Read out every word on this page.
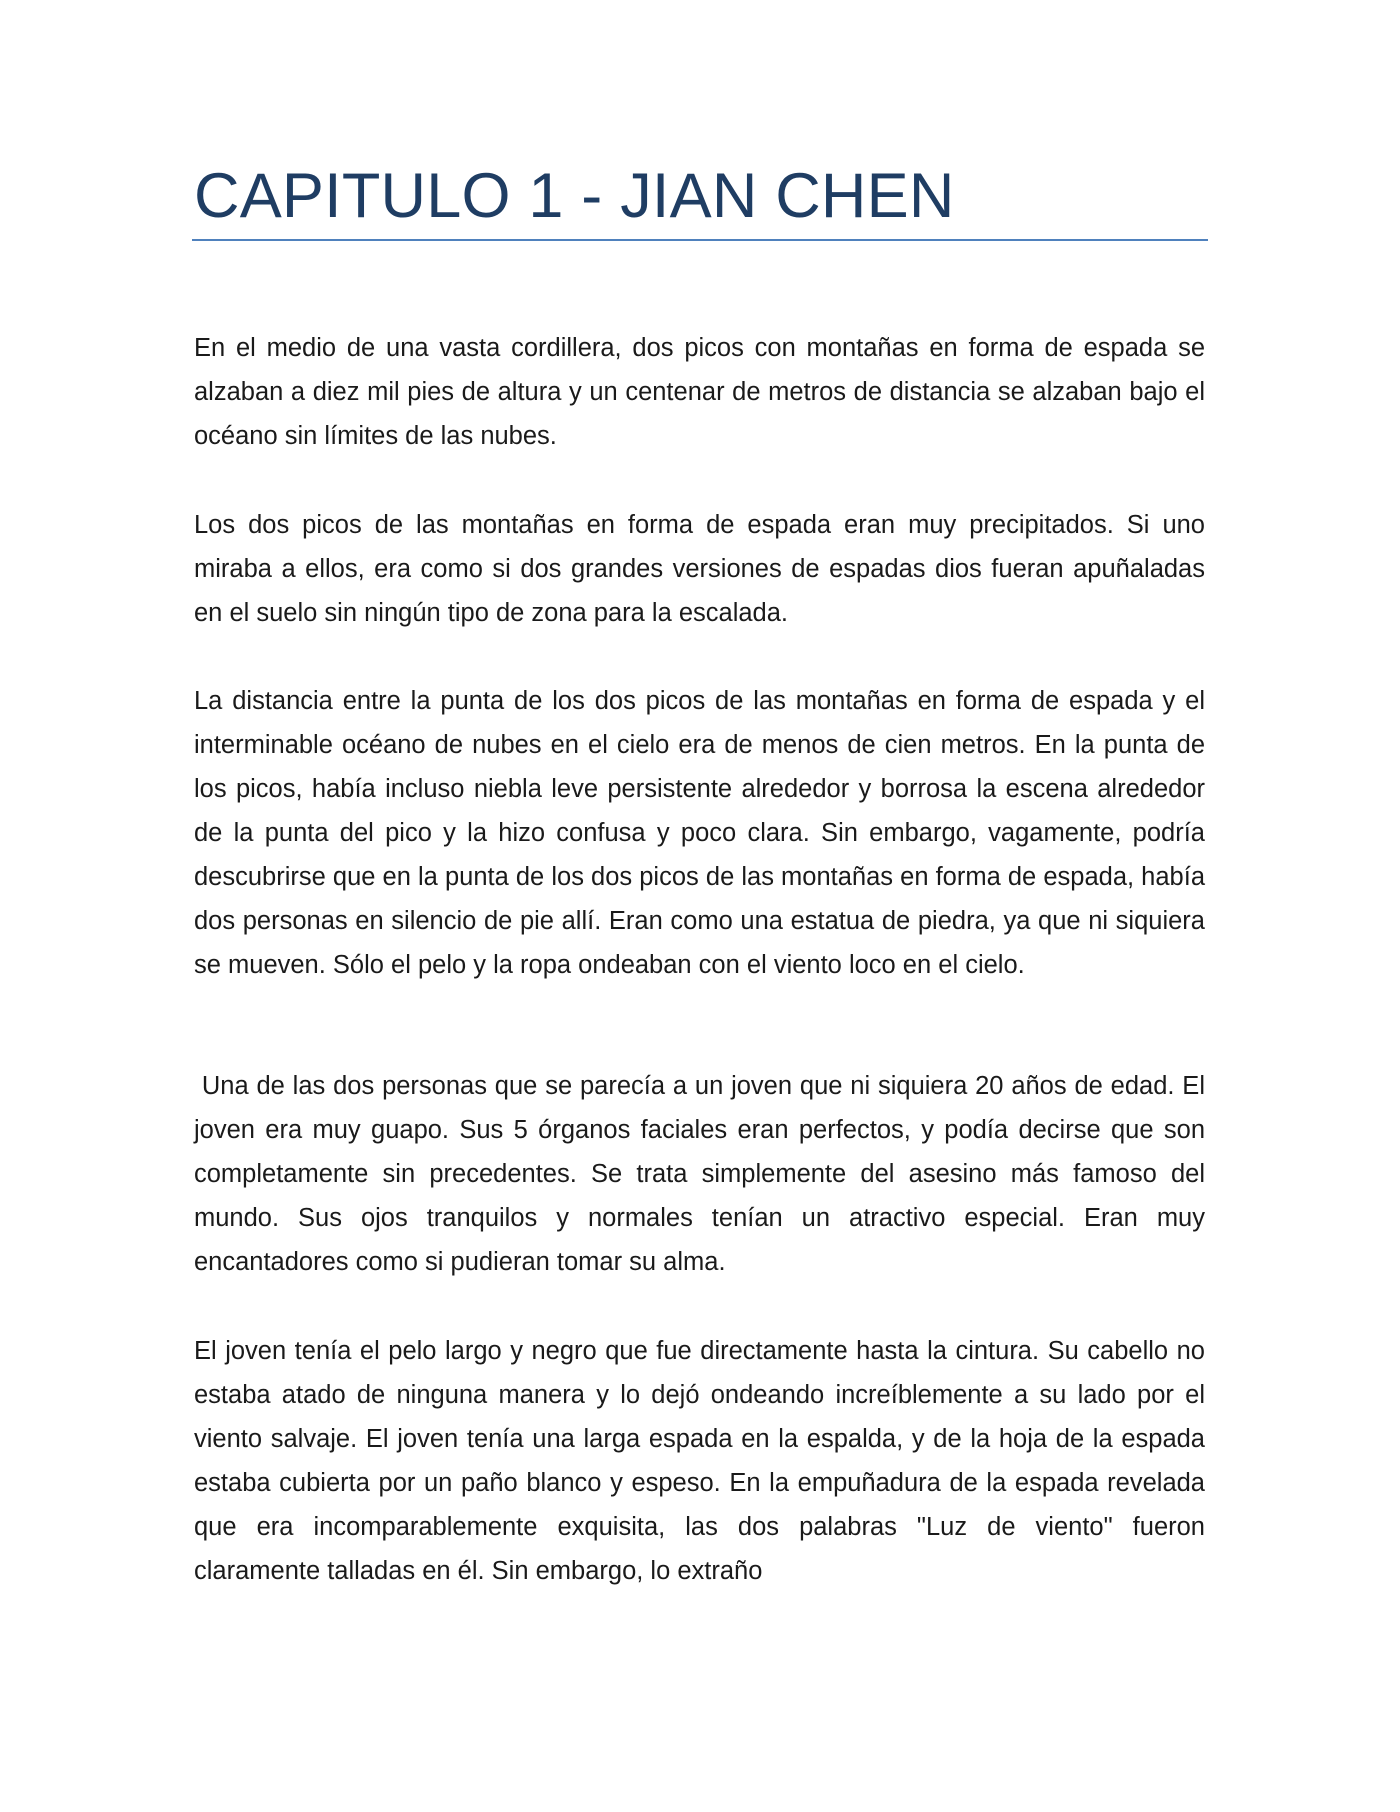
CAPITULO 1 - JIAN CHEN

En el medio de una vasta cordillera, dos picos con montañas en forma de espada se alzaban a diez mil pies de altura y un centenar de metros de distancia se alzaban bajo el océano sin límites de las nubes.

Los dos picos de las montañas en forma de espada eran muy precipitados. Si uno miraba a ellos, era como si dos grandes versiones de espadas dios fueran apuñaladas en el suelo sin ningún tipo de zona para la escalada.

La distancia entre la punta de los dos picos de las montañas en forma de espada y el interminable océano de nubes en el cielo era de menos de cien metros. En la punta de los picos, había incluso niebla leve persistente alrededor y borrosa la escena alrededor de la punta del pico y la hizo confusa y poco clara. Sin embargo, vagamente, podría descubrirse que en la punta de los dos picos de las montañas en forma de espada, había dos personas en silencio de pie allí. Eran como una estatua de piedra, ya que ni siquiera se mueven. Sólo el pelo y la ropa ondeaban con el viento loco en el cielo.

Una de las dos personas que se parecía a un joven que ni siquiera 20 años de edad. El joven era muy guapo. Sus 5 órganos faciales eran perfectos, y podía decirse que son completamente sin precedentes. Se trata simplemente del asesino más famoso del mundo. Sus ojos tranquilos y normales tenían un atractivo especial. Eran muy encantadores como si pudieran tomar su alma.

El joven tenía el pelo largo y negro que fue directamente hasta la cintura. Su cabello no estaba atado de ninguna manera y lo dejó ondeando increíblemente a su lado por el viento salvaje. El joven tenía una larga espada en la espalda, y de la hoja de la espada estaba cubierta por un paño blanco y espeso. En la empuñadura de la espada revelada que era incomparablemente exquisita, las dos palabras "Luz de viento" fueron claramente talladas en él. Sin embargo, lo extraño
